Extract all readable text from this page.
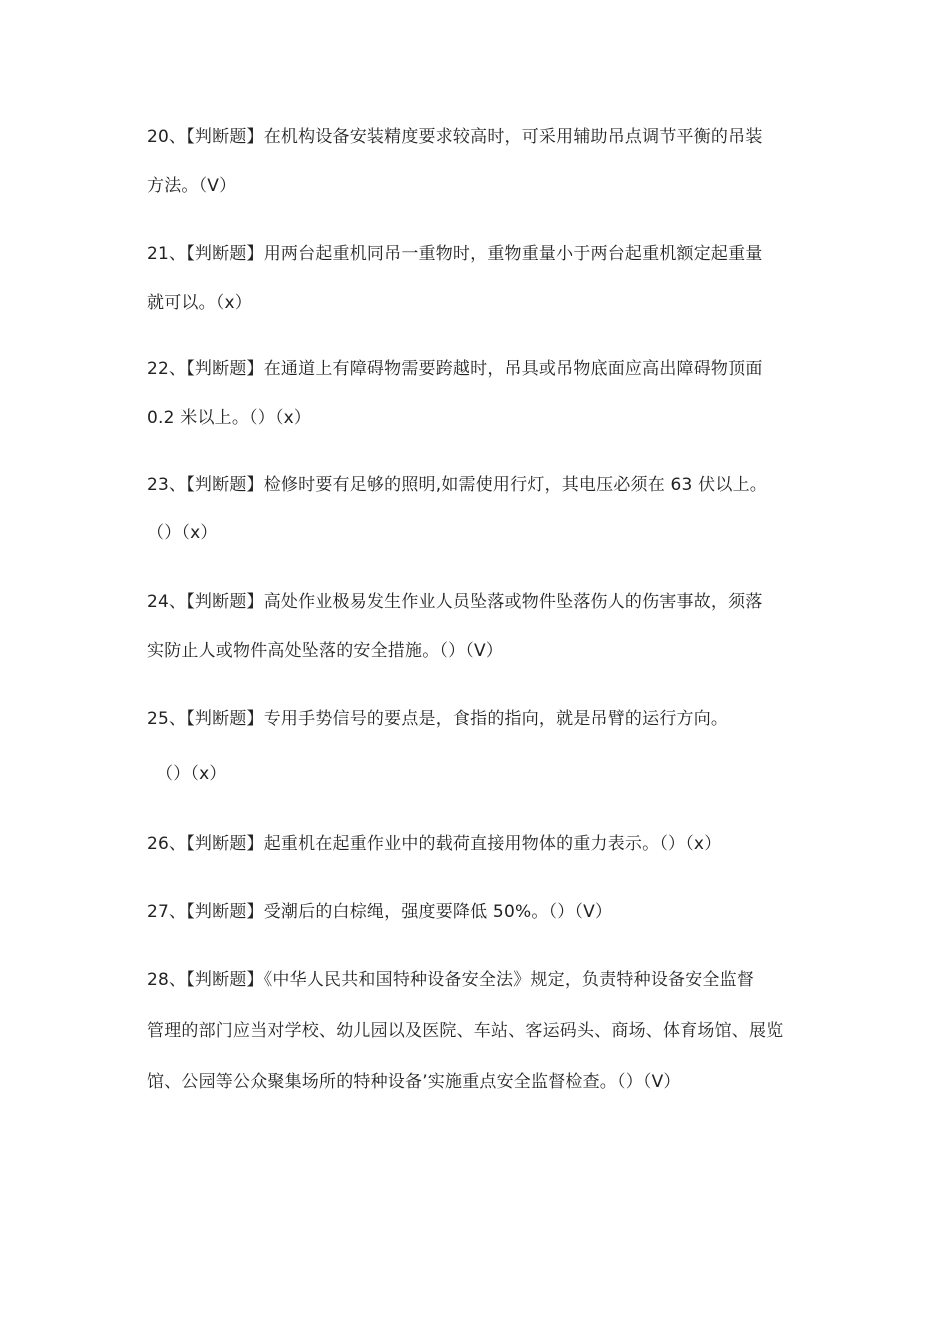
20、【判断题】在机构设备安装精度要求较高时，可采用辅助吊点调节平衡的吊装
方法。（V）
21、【判断题】用两台起重机同吊一重物时，重物重量小于两台起重机额定起重量
就可以。（x）
22、【判断题】在通道上有障碍物需要跨越时，吊具或吊物底面应高出障碍物顶面
0.2 米以上。（）（x）
23、【判断题】检修时要有足够的照明,如需使用行灯，其电压必须在 63 伏以上。
（）（x）
24、【判断题】高处作业极易发生作业人员坠落或物件坠落伤人的伤害事故，须落
实防止人或物件高处坠落的安全措施。（）（V）
25、【判断题】专用手势信号的要点是，食指的指向，就是吊臂的运行方向。
（）（x）
26、【判断题】起重机在起重作业中的载荷直接用物体的重力表示。（）（x）
27、【判断题】受潮后的白棕绳，强度要降低 50%。（）（V）
28、【判断题】《中华人民共和国特种设备安全法》规定，负责特种设备安全监督
管理的部门应当对学校、幼儿园以及医院、车站、客运码头、商场、体育场馆、展览
馆、公园等公众聚集场所的特种设备’实施重点安全监督检查。（）（V）
